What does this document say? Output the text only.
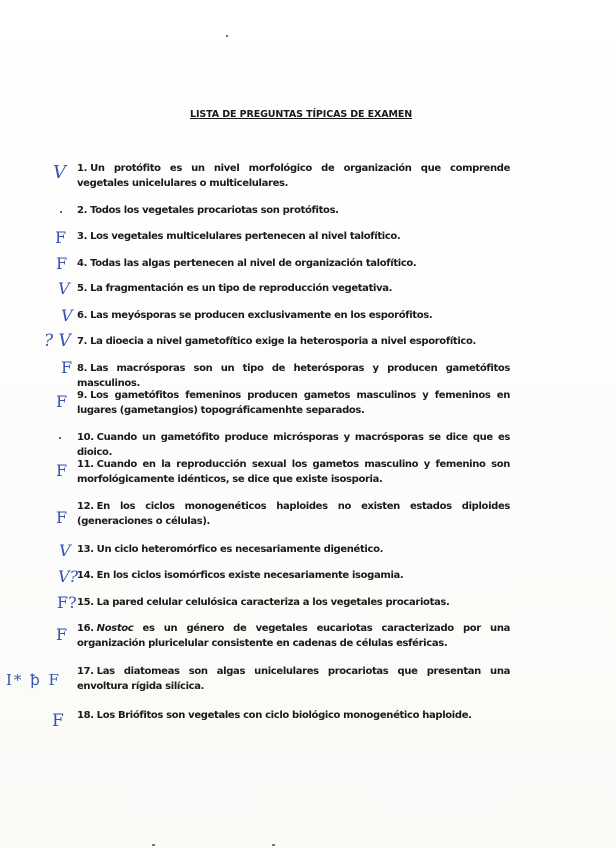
LISTA DE PREGUNTAS TÍPICAS DE EXAMEN
V 1. Un protófito es un nivel morfológico de organización que comprende vegetales unicelulares o multicelulares.
2. Todos los vegetales procariotas son protófitos.
F 3. Los vegetales multicelulares pertenecen al nivel talofítico.
F 4. Todas las algas pertenecen al nivel de organización talofítico.
V 5. La fragmentación es un tipo de reproducción vegetativa.
V 6. Las meyósporas se producen exclusivamente en los esporófitos.
? V 7. La dioecia a nivel gametofítico exige la heterosporia a nivel esporofítico.
F 8. Las macrósporas son un tipo de heterósporas y producen gametófitos masculinos.
F 9. Los gametófitos femeninos producen gametos masculinos y femeninos en lugares (gametangios) topográficamenhte separados.
10. Cuando un gametófito produce micrósporas y macrósporas se dice que es dioico.
F 11. Cuando en la reproducción sexual los gametos masculino y femenino son morfológicamente idénticos, se dice que existe isosporia.
F
12. En los ciclos monogenéticos haploides no existen estados diploides (generaciones o células).
V 13. Un ciclo heteromórfico es necesariamente digenético.
V?
14. En los ciclos isomórficos existe necesariamente isogamia.
F? 15. La pared celular celulósica caracteriza a los vegetales procariotas.
F 16. Nostoc es un género de vegetales eucariotas caracterizado por una organización pluricelular consistente en cadenas de células esféricas.
I* ꝥ F 17. Las diatomeas son algas unicelulares procariotas que presentan una envoltura rígida silícica.
F 18. Los Briófitos son vegetales con ciclo biológico monogenético haploide.
